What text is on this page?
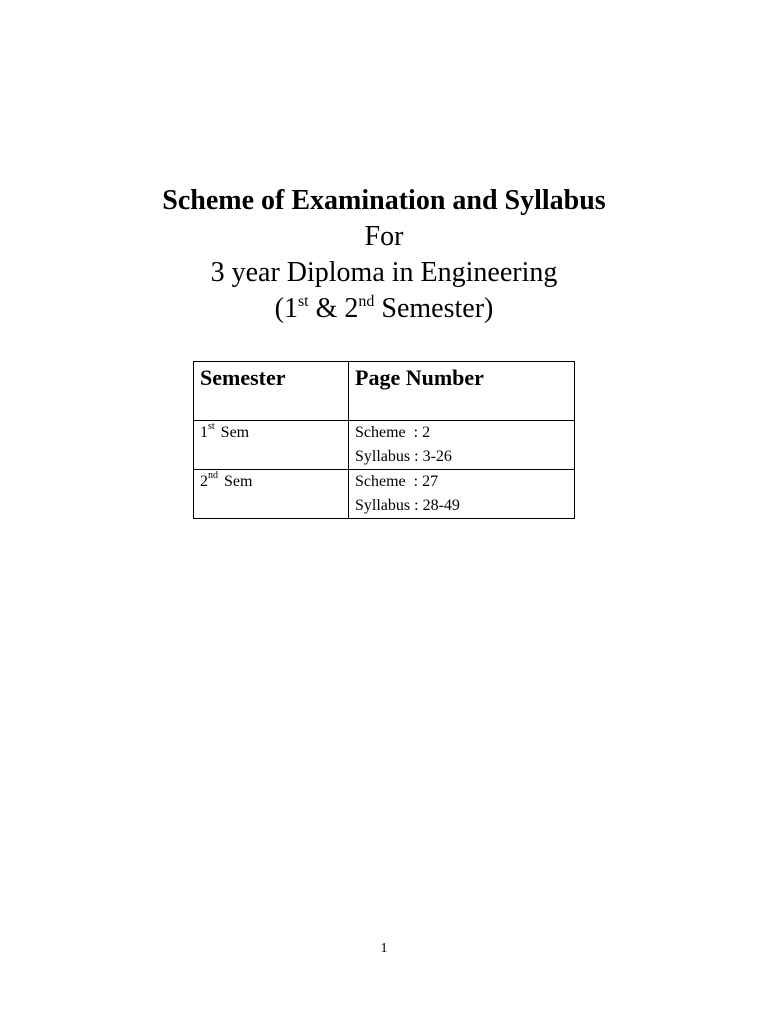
Scheme of Examination and Syllabus
For
3 year Diploma in Engineering
(1st & 2nd Semester)
Semester	Page Number
1st Sem	Scheme  : 2
Syllabus : 3-26

2nd Sem	Scheme  : 27
Syllabus : 28-49
1
